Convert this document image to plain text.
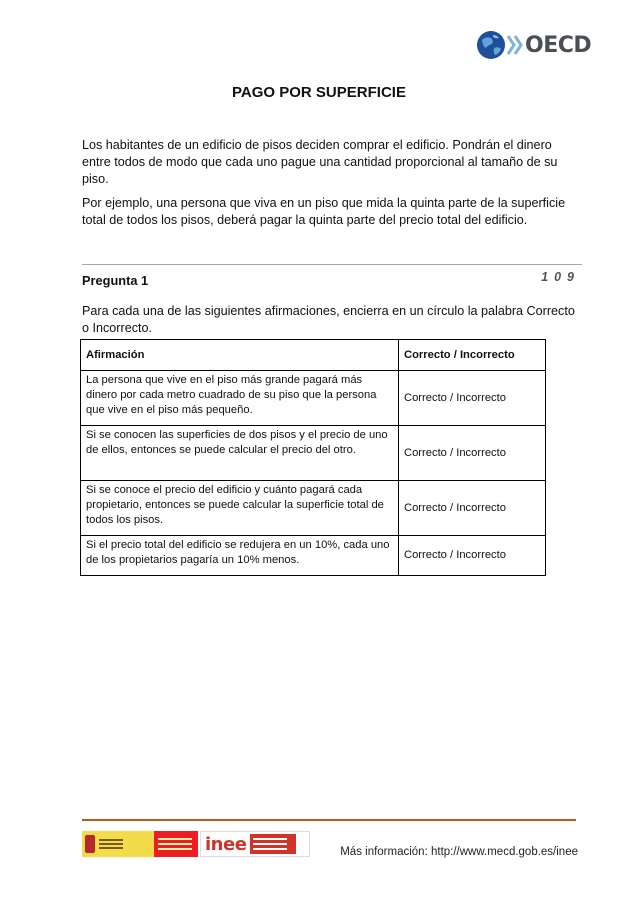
OECD
PAGO POR SUPERFICIE
Los habitantes de un edificio de pisos deciden comprar el edificio. Pondrán el dinero entre todos de modo que cada uno pague una cantidad proporcional al tamaño de su piso.
Por ejemplo, una persona que viva en un piso que mida la quinta parte de la superficie total de todos los pisos, deberá pagar la quinta parte del precio total del edificio.
Pregunta 1	109
Para cada una de las siguientes afirmaciones, encierra en un círculo la palabra Correcto o Incorrecto.
Afirmación	Correcto / Incorrecto
La persona que vive en el piso más grande pagará más dinero por cada metro cuadrado de su piso que la persona que vive en el piso más pequeño.	Correcto / Incorrecto
Si se conocen las superficies de dos pisos y el precio de uno de ellos, entonces se puede calcular el precio del otro.	Correcto / Incorrecto
Si se conoce el precio del edificio y cuánto pagará cada propietario, entonces se puede calcular la superficie total de todos los pisos.	Correcto / Incorrecto
Si el precio total del edificio se redujera en un 10%, cada uno de los propietarios pagaría un 10% menos.	Correcto / Incorrecto
inee	Más información: http://www.mecd.gob.es/inee
